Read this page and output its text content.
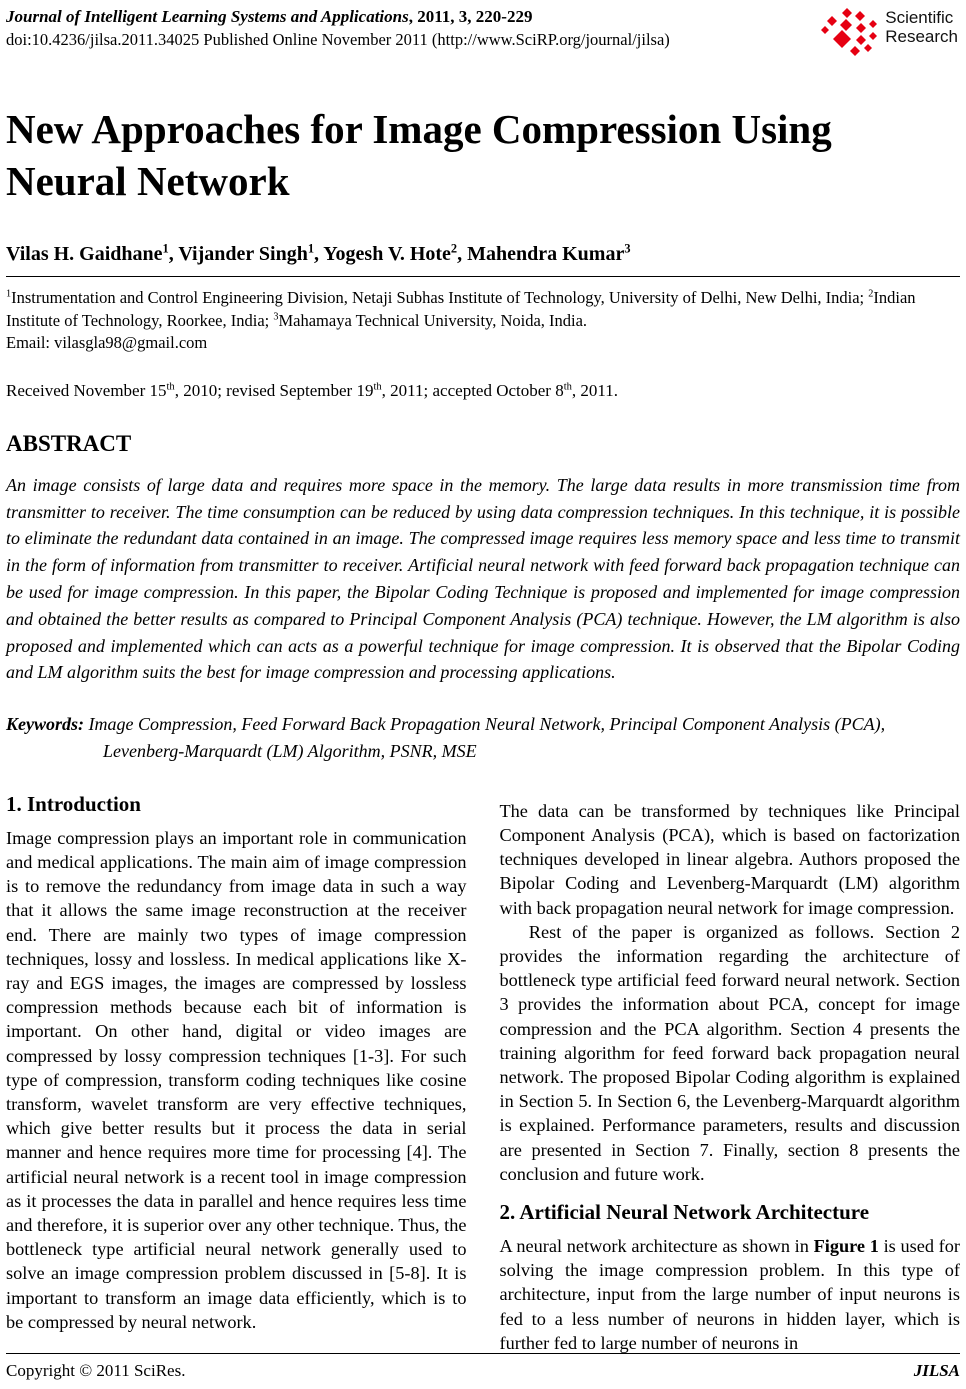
Journal of Intelligent Learning Systems and Applications, 2011, 3, 220-229
doi:10.4236/jilsa.2011.34025 Published Online November 2011 (http://www.SciRP.org/journal/jilsa)
Scientific
Research
New Approaches for Image Compression Using Neural Network
Vilas H. Gaidhane$^1$, Vijander Singh$^1$, Yogesh V. Hote$^2$, Mahendra Kumar$^3$
$^1$Instrumentation and Control Engineering Division, Netaji Subhas Institute of Technology, University of Delhi, New Delhi, India; $^2$Indian Institute of Technology, Roorkee, India; $^3$Mahamaya Technical University, Noida, India.
Email: vilasgla98@gmail.com
Received November 15th, 2010; revised September 19th, 2011; accepted October 8th, 2011.
ABSTRACT
An image consists of large data and requires more space in the memory. The large data results in more transmission time from transmitter to receiver. The time consumption can be reduced by using data compression techniques. In this technique, it is possible to eliminate the redundant data contained in an image. The compressed image requires less memory space and less time to transmit in the form of information from transmitter to receiver. Artificial neural network with feed forward back propagation technique can be used for image compression. In this paper, the Bipolar Coding Technique is proposed and implemented for image compression and obtained the better results as compared to Principal Component Analysis (PCA) technique. However, the LM algorithm is also proposed and implemented which can acts as a powerful technique for image compression. It is observed that the Bipolar Coding and LM algorithm suits the best for image compression and processing applications.
Keywords: Image Compression, Feed Forward Back Propagation Neural Network, Principal Component Analysis (PCA), Levenberg-Marquardt (LM) Algorithm, PSNR, MSE
1. Introduction

Image compression plays an important role in communication and medical applications. The main aim of image compression is to remove the redundancy from image data in such a way that it allows the same image reconstruction at the receiver end. There are mainly two types of image compression techniques, lossy and lossless. In medical applications like X-ray and EGS images, the images are compressed by lossless compression methods because each bit of information is important. On other hand, digital or video images are compressed by lossy compression techniques [1-3]. For such type of compression, transform coding techniques like cosine transform, wavelet transform are very effective techniques, which give better results but it process the data in serial manner and hence requires more time for processing [4]. The artificial neural network is a recent tool in image compression as it processes the data in parallel and hence requires less time and therefore, it is superior over any other technique. Thus, the bottleneck type artificial neural network generally used to solve an image compression problem discussed in [5-8]. It is important to transform an image data efficiently, which is to be compressed by neural network.

The data can be transformed by techniques like Principal Component Analysis (PCA), which is based on factorization techniques developed in linear algebra. Authors proposed the Bipolar Coding and Levenberg-Marquardt (LM) algorithm with back propagation neural network for image compression.

Rest of the paper is organized as follows. Section 2 provides the information regarding the architecture of bottleneck type artificial feed forward neural network. Section 3 provides the information about PCA, concept for image compression and the PCA algorithm. Section 4 presents the training algorithm for feed forward back propagation neural network. The proposed Bipolar Coding algorithm is explained in Section 5. In Section 6, the Levenberg-Marquardt algorithm is explained. Performance parameters, results and discussion are presented in Section 7. Finally, section 8 presents the conclusion and future work.

2. Artificial Neural Network Architecture

A neural network architecture as shown in Figure 1 is used for solving the image compression problem. In this type of architecture, input from the large number of input neurons is fed to a less number of neurons in hidden layer, which is further fed to large number of neurons in

Copyright © 2011 SciRes.	JILSA
